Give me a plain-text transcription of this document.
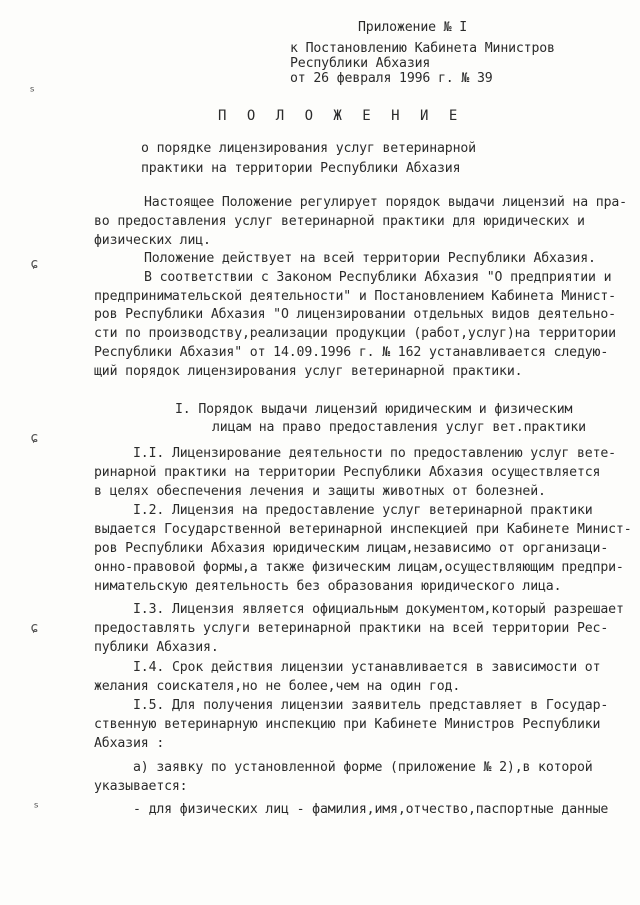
ˢ
ɕ
ɕ
ɕ
ˢ
Приложение № I
к Постановлению Кабинета Министров
Республики Абхазия
от 26 февраля 1996 г. № 39
П О Л О Ж Е Н И Е
о порядке лицензирования услуг ветеринарной
практики на территории Республики Абхазия
Настоящее Положение регулирует порядок выдачи лицензий на пра-
во предоставления услуг ветеринарной практики для юридических и
физических лиц.
Положение действует на всей территории Республики Абхазия.
В соответствии с Законом Республики Абхазия "О предприятии и
предпринимательской деятельности" и Постановлением Кабинета Минист-
ров Республики Абхазия "О лицензировании отдельных видов деятельно-
сти по производству,реализации продукции (работ,услуг)на территории
Республики Абхазия" от 14.09.1996 г. № 162 устанавливается следую-
щий порядок лицензирования услуг ветеринарной практики.
I. Порядок выдачи лицензий юридическим и физическим
лицам на право предоставления услуг вет.практики
I.I. Лицензирование деятельности по предоставлению услуг вете-
ринарной практики на территории Республики Абхазия осуществляется
в целях обеспечения лечения и защиты животных от болезней.
I.2. Лицензия на предоставление услуг ветеринарной практики
выдается Государственной ветеринарной инспекцией при Кабинете Минист-
ров Республики Абхазия юридическим лицам,независимо от организаци-
онно-правовой формы,а также физическим лицам,осуществляющим предпри-
нимательскую деятельность без образования юридического лица.
I.3. Лицензия является официальным документом,который разрешает
предоставлять услуги ветеринарной практики на всей территории Рес-
публики Абхазия.
I.4. Срок действия лицензии устанавливается в зависимости от
желания соискателя,но не более,чем на один год.
I.5. Для получения лицензии заявитель представляет в Государ-
ственную ветеринарную инспекцию при Кабинете Министров Республики
Абхазия :
а) заявку по установленной форме (приложение № 2),в которой
указывается:
- для физических лиц - фамилия,имя,отчество,паспортные данные
